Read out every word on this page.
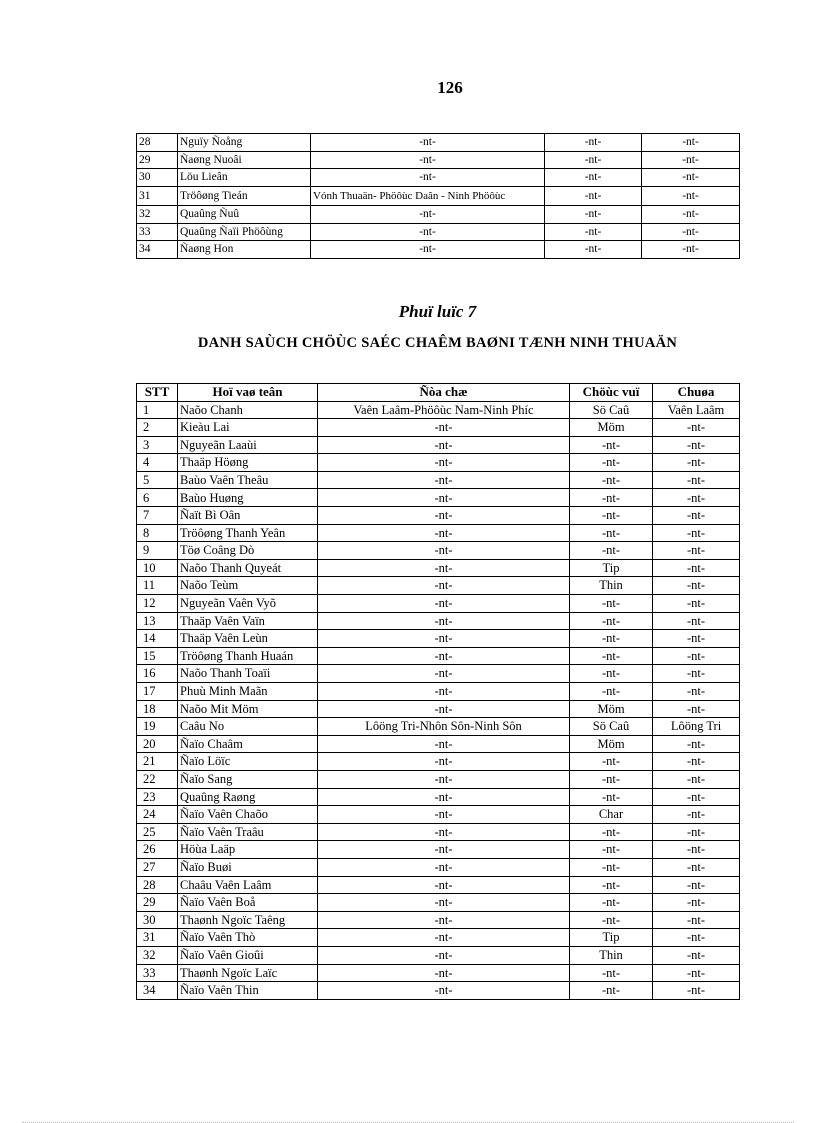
126
28	Nguïy Ñoång	-nt-	-nt-	-nt-
29	Ñaøng Nuoâi	-nt-	-nt-	-nt-
30	Löu Lieân	-nt-	-nt-	-nt-
31	Tröôøng Tieán	Vónh Thuaän- Phöôùc Daân - Ninh Phöôùc	-nt-	-nt-
32	Quaûng Ñuû	-nt-	-nt-	-nt-
33	Quaûng Ñaïi Phöôùng	-nt-	-nt-	-nt-
34	Ñaøng Hon	-nt-	-nt-	-nt-
Phuï luïc 7
DANH SAÙCH CHÖÙC SAÉC CHAÊM BAØNI TÆNH NINH THUAÄN
STT	Hoï vaø teân	Ñòa chæ	Chöùc vuï	Chuøa
1	Naõo Chanh	Vaên Laâm-Phöôùc Nam-Ninh Phíc	Sö Caû	Vaên Laâm
2	Kieàu Lai	-nt-	Möm	-nt-
3	Nguyeãn Laaùi	-nt-	-nt-	-nt-
4	Thaäp Höøng	-nt-	-nt-	-nt-
5	Baùo Vaên Theâu	-nt-	-nt-	-nt-
6	Baùo Huøng	-nt-	-nt-	-nt-
7	Ñaït Bì Oân	-nt-	-nt-	-nt-
8	Tröôøng Thanh Yeân	-nt-	-nt-	-nt-
9	Töø Coâng Dò	-nt-	-nt-	-nt-
10	Naõo Thanh Quyeát	-nt-	Tip	-nt-
11	Naõo Teùm	-nt-	Thin	-nt-
12	Nguyeãn Vaên Vyõ	-nt-	-nt-	-nt-
13	Thaäp Vaên Vaïn	-nt-	-nt-	-nt-
14	Thaäp Vaên Leùn	-nt-	-nt-	-nt-
15	Tröôøng Thanh Huaán	-nt-	-nt-	-nt-
16	Naõo Thanh Toaïi	-nt-	-nt-	-nt-
17	Phuù Minh Maãn	-nt-	-nt-	-nt-
18	Naõo Mit Möm	-nt-	Möm	-nt-
19	Caâu No	Lôöng Tri-Nhôn Sôn-Ninh Sôn	Sö Caû	Lôöng Tri
20	Ñaïo Chaâm	-nt-	Möm	-nt-
21	Ñaïo Löïc	-nt-	-nt-	-nt-
22	Ñaïo Sang	-nt-	-nt-	-nt-
23	Quaûng Raøng	-nt-	-nt-	-nt-
24	Ñaïo Vaên Chaõo	-nt-	Char	-nt-
25	Ñaïo Vaên Traâu	-nt-	-nt-	-nt-
26	Höùa Laäp	-nt-	-nt-	-nt-
27	Ñaïo Buøi	-nt-	-nt-	-nt-
28	Chaâu Vaên Laâm	-nt-	-nt-	-nt-
29	Ñaïo Vaên Boå	-nt-	-nt-	-nt-
30	Thaønh Ngoïc Taêng	-nt-	-nt-	-nt-
31	Ñaïo Vaên Thò	-nt-	Tip	-nt-
32	Ñaïo Vaên Gioûi	-nt-	Thin	-nt-
33	Thaønh Ngoïc Laïc	-nt-	-nt-	-nt-
34	Ñaïo Vaên Thin	-nt-	-nt-	-nt-
